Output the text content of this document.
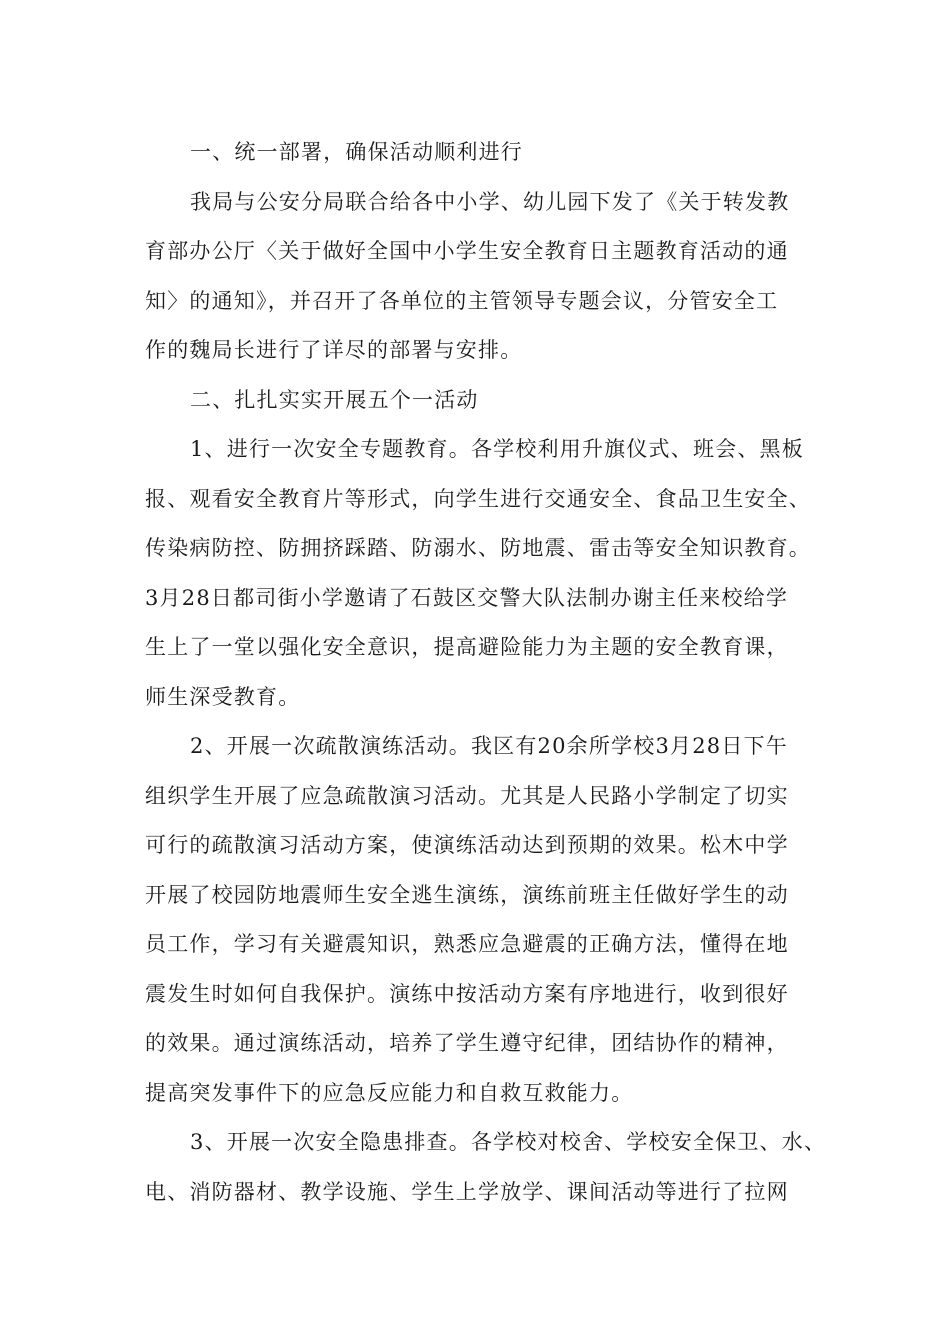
一、统一部署，确保活动顺利进行

我局与公安分局联合给各中小学、幼儿园下发了《关于转发教
育部办公厅〈关于做好全国中小学生安全教育日主题教育活动的通
知〉的通知》，并召开了各单位的主管领导专题会议，分管安全工
作的魏局长进行了详尽的部署与安排。

二、扎扎实实开展五个一活动

1、进行一次安全专题教育。各学校利用升旗仪式、班会、黑板
报、观看安全教育片等形式，向学生进行交通安全、食品卫生安全、
传染病防控、防拥挤踩踏、防溺水、防地震、雷击等安全知识教育。
3月28日都司街小学邀请了石鼓区交警大队法制办谢主任来校给学
生上了一堂以强化安全意识，提高避险能力为主题的安全教育课，
师生深受教育。

2、开展一次疏散演练活动。我区有20余所学校3月28日下午
组织学生开展了应急疏散演习活动。尤其是人民路小学制定了切实
可行的疏散演习活动方案，使演练活动达到预期的效果。松木中学
开展了校园防地震师生安全逃生演练，演练前班主任做好学生的动
员工作，学习有关避震知识，熟悉应急避震的正确方法，懂得在地
震发生时如何自我保护。演练中按活动方案有序地进行，收到很好
的效果。通过演练活动，培养了学生遵守纪律，团结协作的精神，
提高突发事件下的应急反应能力和自救互救能力。

3、开展一次安全隐患排查。各学校对校舍、学校安全保卫、水、
电、消防器材、教学设施、学生上学放学、课间活动等进行了拉网
